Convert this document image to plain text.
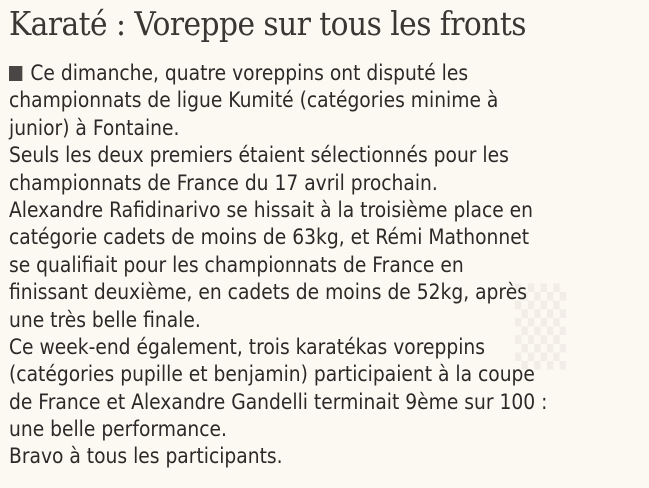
▒
Karaté : Voreppe sur tous les fronts
Ce dimanche, quatre voreppins ont disputé les
championnats de ligue Kumité (catégories minime à
junior) à Fontaine.
Seuls les deux premiers étaient sélectionnés pour les
championnats de France du 17 avril prochain.
Alexandre Rafidinarivo se hissait à la troisième place en
catégorie cadets de moins de 63kg, et Rémi Mathonnet
se qualifiait pour les championnats de France en
finissant deuxième, en cadets de moins de 52kg, après
une très belle finale.
Ce week-end également, trois karatékas voreppins
(catégories pupille et benjamin) participaient à la coupe
de France et Alexandre Gandelli terminait 9ème sur 100 :
une belle performance.
Bravo à tous les participants.
